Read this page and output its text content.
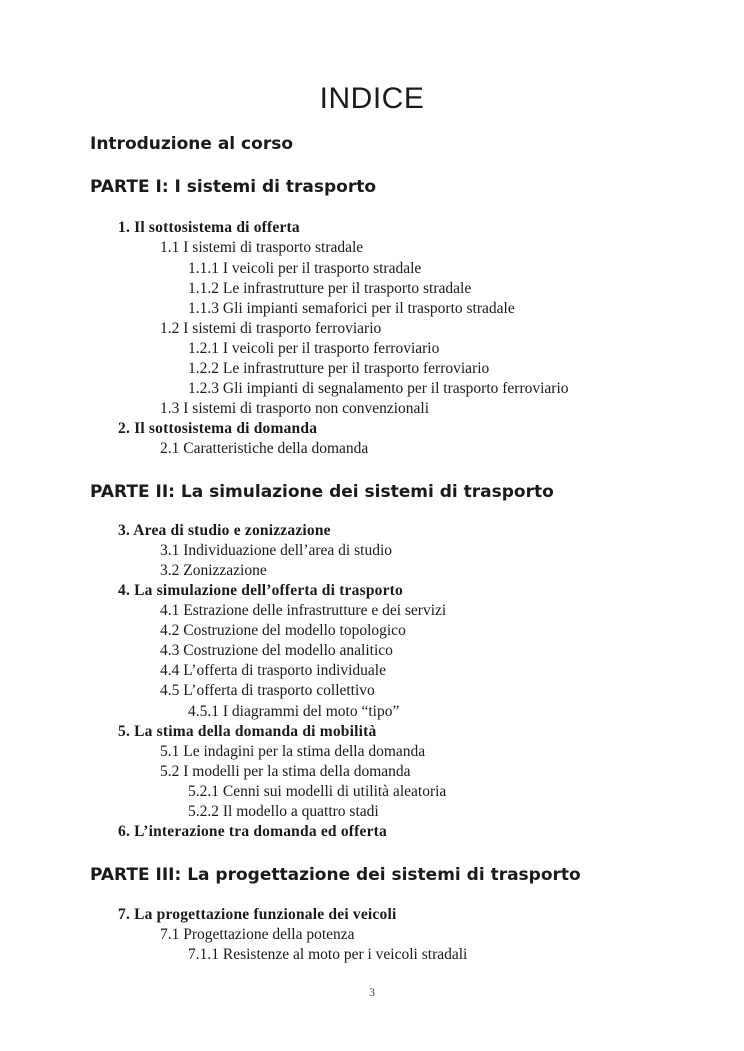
INDICE
Introduzione al corso
PARTE I: I sistemi di trasporto
1. Il sottosistema di offerta
1.1 I sistemi di trasporto stradale
1.1.1 I veicoli per il trasporto stradale
1.1.2 Le infrastrutture per il trasporto stradale
1.1.3 Gli impianti semaforici per il trasporto stradale
1.2 I sistemi di trasporto ferroviario
1.2.1 I veicoli per il trasporto ferroviario
1.2.2 Le infrastrutture per il trasporto ferroviario
1.2.3 Gli impianti di segnalamento per il trasporto ferroviario
1.3 I sistemi di trasporto non convenzionali
2. Il sottosistema di domanda
2.1 Caratteristiche della domanda
PARTE II: La simulazione dei sistemi di trasporto
3. Area di studio e zonizzazione
3.1 Individuazione dell’area di studio
3.2 Zonizzazione
4. La simulazione dell’offerta di trasporto
4.1 Estrazione delle infrastrutture e dei servizi
4.2 Costruzione del modello topologico
4.3 Costruzione del modello analitico
4.4 L’offerta di trasporto individuale
4.5 L’offerta di trasporto collettivo
4.5.1 I diagrammi del moto “tipo”
5. La stima della domanda di mobilità
5.1 Le indagini per la stima della domanda
5.2 I modelli per la stima della domanda
5.2.1 Cenni sui modelli di utilità aleatoria
5.2.2 Il modello a quattro stadi
6. L’interazione tra domanda ed offerta
PARTE III: La progettazione dei sistemi di trasporto
7. La progettazione funzionale dei veicoli
7.1 Progettazione della potenza
7.1.1 Resistenze al moto per i veicoli stradali
3
